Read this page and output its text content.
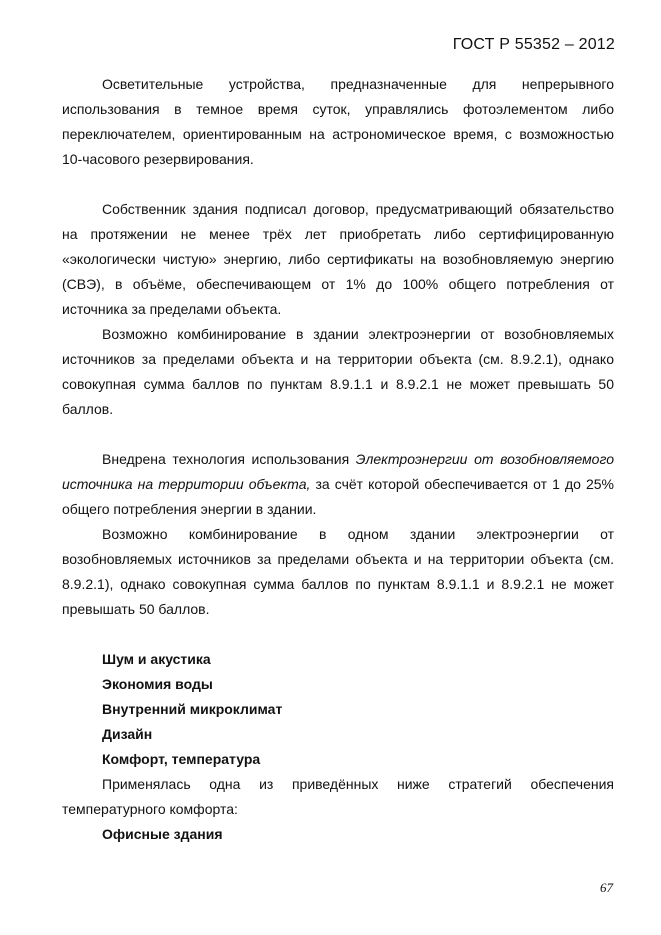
ГОСТ Р 55352 – 2012

Осветительные устройства, предназначенные для непрерывного использования в темное время суток, управлялись фотоэлементом либо переключателем, ориентированным на астрономическое время, с возможностью 10-часового резервирования.

Собственник здания подписал договор, предусматривающий обязательство на протяжении не менее трёх лет приобретать либо сертифицированную «экологически чистую» энергию, либо сертификаты на возобновляемую энергию (СВЭ), в объёме, обеспечивающем от 1% до 100% общего потребления от источника за пределами объекта.

Возможно комбинирование в здании электроэнергии от возобновляемых источников за пределами объекта и на территории объекта (см. 8.9.2.1), однако совокупная сумма баллов по пунктам 8.9.1.1 и 8.9.2.1 не может превышать 50 баллов.

Внедрена технология использования Электроэнергии от возобновляемого источника на территории объекта, за счёт которой обеспечивается от 1 до 25% общего потребления энергии в здании.

Возможно комбинирование в одном здании электроэнергии от возобновляемых источников за пределами объекта и на территории объекта (см. 8.9.2.1), однако совокупная сумма баллов по пунктам 8.9.1.1 и 8.9.2.1 не может превышать 50 баллов.

Шум и акустика

Экономия воды

Внутренний микроклимат

Дизайн

Комфорт, температура

Применялась одна из приведённых ниже стратегий обеспечения температурного комфорта:

Офисные здания

67
